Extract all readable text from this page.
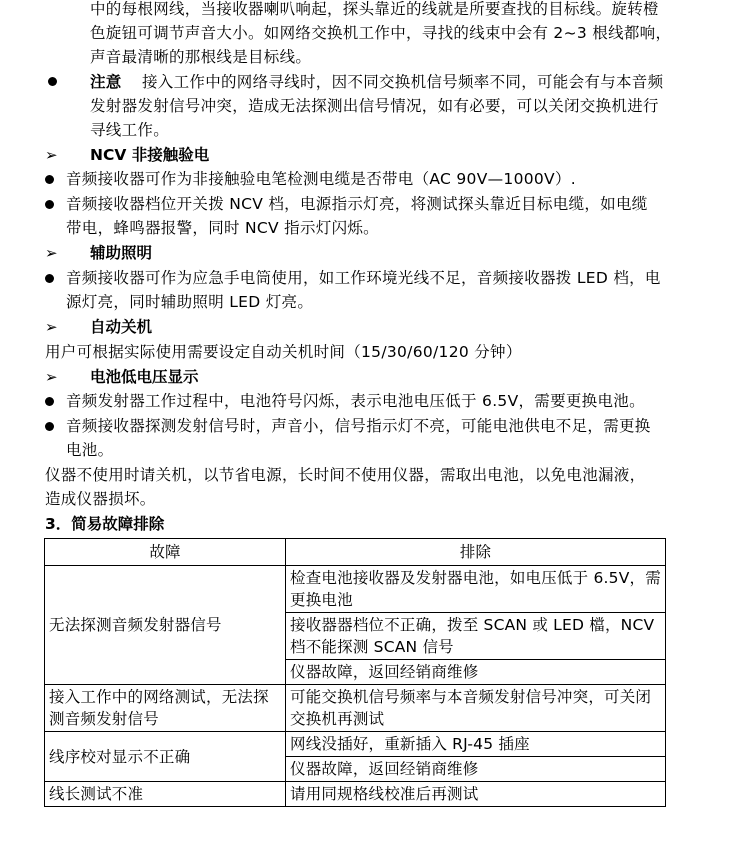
中的每根网线，当接收器喇叭响起，探头靠近的线就是所要查找的目标线。旋转橙
色旋钮可调节声音大小。如网络交换机工作中，寻找的线束中会有 2~3 根线都响，
声音最清晰的那根线是目标线。
注意 接入工作中的网络寻线时，因不同交换机信号频率不同，可能会有与本音频
发射器发射信号冲突，造成无法探测出信号情况，如有必要，可以关闭交换机进行
寻线工作。
➢ NCV 非接触验电
音频接收器可作为非接触验电笔检测电缆是否带电（AC 90V—1000V）.
音频接收器档位开关拨 NCV 档，电源指示灯亮，将测试探头靠近目标电缆，如电缆
带电，蜂鸣器报警，同时 NCV 指示灯闪烁。
➢ 辅助照明
音频接收器可作为应急手电筒使用，如工作环境光线不足，音频接收器拨 LED 档，电
源灯亮，同时辅助照明 LED 灯亮。
➢ 自动关机
用户可根据实际使用需要设定自动关机时间（15/30/60/120 分钟）
➢ 电池低电压显示
音频发射器工作过程中，电池符号闪烁，表示电池电压低于 6.5V，需要更换电池。
音频接收器探测发射信号时，声音小，信号指示灯不亮，可能电池供电不足，需更换
电池。
仪器不使用时请关机，以节省电源，长时间不使用仪器，需取出电池，以免电池漏液，
造成仪器损坏。
3．简易故障排除
故障	排除
无法探测音频发射器信号	检查电池接收器及发射器电池，如电压低于 6.5V，需更换电池
	接收器器档位不正确，拨至 SCAN 或 LED 檔，NCV 档不能探测 SCAN 信号
	仪器故障，返回经销商维修
接入工作中的网络测试，无法探测音频发射信号	可能交换机信号频率与本音频发射信号冲突，可关闭交换机再测试
线序校对显示不正确	网线没插好，重新插入 RJ-45 插座
	仪器故障，返回经销商维修
线长测试不准	请用同规格线校准后再测试
